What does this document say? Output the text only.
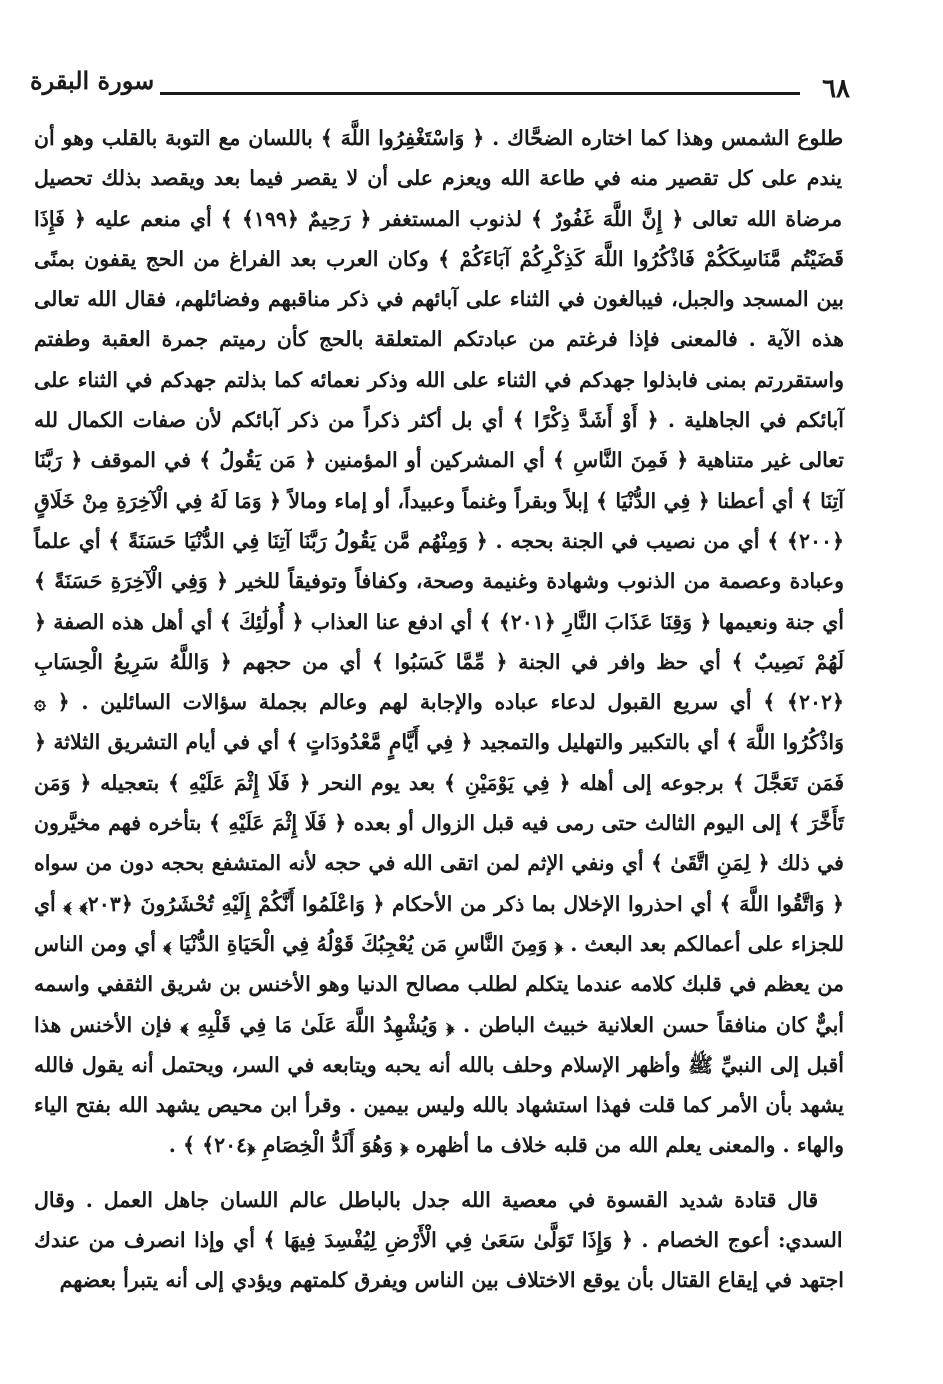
٦٨
سورة البقرة

طلوع الشمس وهذا كما اختاره الضحَّاك . ﴿ وَاسْتَغْفِرُوا اللَّهَ ﴾ باللسان مع التوبة بالقلب وهو أن يندم على كل تقصير منه في طاعة الله ويعزم على أن لا يقصر فيما بعد ويقصد بذلك تحصيل مرضاة الله تعالى ﴿ إِنَّ اللَّهَ غَفُورٌ ﴾ لذنوب المستغفر ﴿ رَحِيمٌ ﴿١٩٩﴾ ﴾ أي منعم عليه ﴿ فَإِذَا قَضَيْتُم مَّنَاسِكَكُمْ فَاذْكُرُوا اللَّهَ كَذِكْرِكُمْ آبَاءَكُمْ ﴾ وكان العرب بعد الفراغ من الحج يقفون بمنًى بين المسجد والجبل، فيبالغون في الثناء على آبائهم في ذكر مناقبهم وفضائلهم، فقال الله تعالى هذه الآية . فالمعنى فإذا فرغتم من عبادتكم المتعلقة بالحج كأن رميتم جمرة العقبة وطفتم واستقررتم بمنى فابذلوا جهدكم في الثناء على الله وذكر نعمائه كما بذلتم جهدكم في الثناء على آبائكم في الجاهلية . ﴿ أَوْ أَشَدَّ ذِكْرًا ﴾ أي بل أكثر ذكراً من ذكر آبائكم لأن صفات الكمال لله تعالى غير متناهية ﴿ فَمِنَ النَّاسِ ﴾ أي المشركين أو المؤمنين ﴿ مَن يَقُولُ ﴾ في الموقف ﴿ رَبَّنَا آتِنَا ﴾ أي أعطنا ﴿ فِي الدُّنْيَا ﴾ إبلاً وبقراً وغنماً وعبيداً، أو إماء ومالاً ﴿ وَمَا لَهُ فِي الْآخِرَةِ مِنْ خَلَاقٍ ﴿٢٠٠﴾ ﴾ أي من نصيب في الجنة بحجه . ﴿ وَمِنْهُم مَّن يَقُولُ رَبَّنَا آتِنَا فِي الدُّنْيَا حَسَنَةً ﴾ أي علماً وعبادة وعصمة من الذنوب وشهادة وغنيمة وصحة، وكفافاً وتوفيقاً للخير ﴿ وَفِي الْآخِرَةِ حَسَنَةً ﴾ أي جنة ونعيمها ﴿ وَقِنَا عَذَابَ النَّارِ ﴿٢٠١﴾ ﴾ أي ادفع عنا العذاب ﴿ أُولَٰئِكَ ﴾ أي أهل هذه الصفة ﴿ لَهُمْ نَصِيبٌ ﴾ أي حظ وافر في الجنة ﴿ مِّمَّا كَسَبُوا ﴾ أي من حجهم ﴿ وَاللَّهُ سَرِيعُ الْحِسَابِ ﴿٢٠٢﴾ ﴾ أي سريع القبول لدعاء عباده والإجابة لهم وعالم بجملة سؤالات السائلين . ﴿ ۞ وَاذْكُرُوا اللَّهَ ﴾ أي بالتكبير والتهليل والتمجيد ﴿ فِي أَيَّامٍ مَّعْدُودَاتٍ ﴾ أي في أيام التشريق الثلاثة ﴿ فَمَن تَعَجَّلَ ﴾ برجوعه إلى أهله ﴿ فِي يَوْمَيْنِ ﴾ بعد يوم النحر ﴿ فَلَا إِثْمَ عَلَيْهِ ﴾ بتعجيله ﴿ وَمَن تَأَخَّرَ ﴾ إلى اليوم الثالث حتى رمى فيه قبل الزوال أو بعده ﴿ فَلَا إِثْمَ عَلَيْهِ ﴾ بتأخره فهم مخيَّرون في ذلك ﴿ لِمَنِ اتَّقَىٰ ﴾ أي ونفي الإثم لمن اتقى الله في حجه لأنه المتشفع بحجه دون من سواه ﴿ وَاتَّقُوا اللَّهَ ﴾ أي احذروا الإخلال بما ذكر من الأحكام ﴿ وَاعْلَمُوا أَنَّكُمْ إِلَيْهِ تُحْشَرُونَ ﴿٢٠٣﴾ ﴾ أي للجزاء على أعمالكم بعد البعث . ﴿ وَمِنَ النَّاسِ مَن يُعْجِبُكَ قَوْلُهُ فِي الْحَيَاةِ الدُّنْيَا ﴾ أي ومن الناس من يعظم في قلبك كلامه عندما يتكلم لطلب مصالح الدنيا وهو الأخنس بن شريق الثقفي واسمه أبيٌّ كان منافقاً حسن العلانية خبيث الباطن . ﴿ وَيُشْهِدُ اللَّهَ عَلَىٰ مَا فِي قَلْبِهِ ﴾ فإن الأخنس هذا أقبل إلى النبيِّ ﷺ وأظهر الإسلام وحلف بالله أنه يحبه ويتابعه في السر، ويحتمل أنه يقول فالله يشهد بأن الأمر كما قلت فهذا استشهاد بالله وليس بيمين . وقرأ ابن محيص يشهد الله بفتح الياء والهاء . والمعنى يعلم الله من قلبه خلاف ما أظهره ﴿ وَهُوَ أَلَدُّ الْخِصَامِ ﴿٢٠٤﴾ ﴾ .

قال قتادة شديد القسوة في معصية الله جدل بالباطل عالم اللسان جاهل العمل . وقال السدي: أعوج الخصام . ﴿ وَإِذَا تَوَلَّىٰ سَعَىٰ فِي الْأَرْضِ لِيُفْسِدَ فِيهَا ﴾ أي وإذا انصرف من عندك اجتهد في إيقاع القتال بأن يوقع الاختلاف بين الناس ويفرق كلمتهم ويؤدي إلى أنه يتبرأ بعضهم
